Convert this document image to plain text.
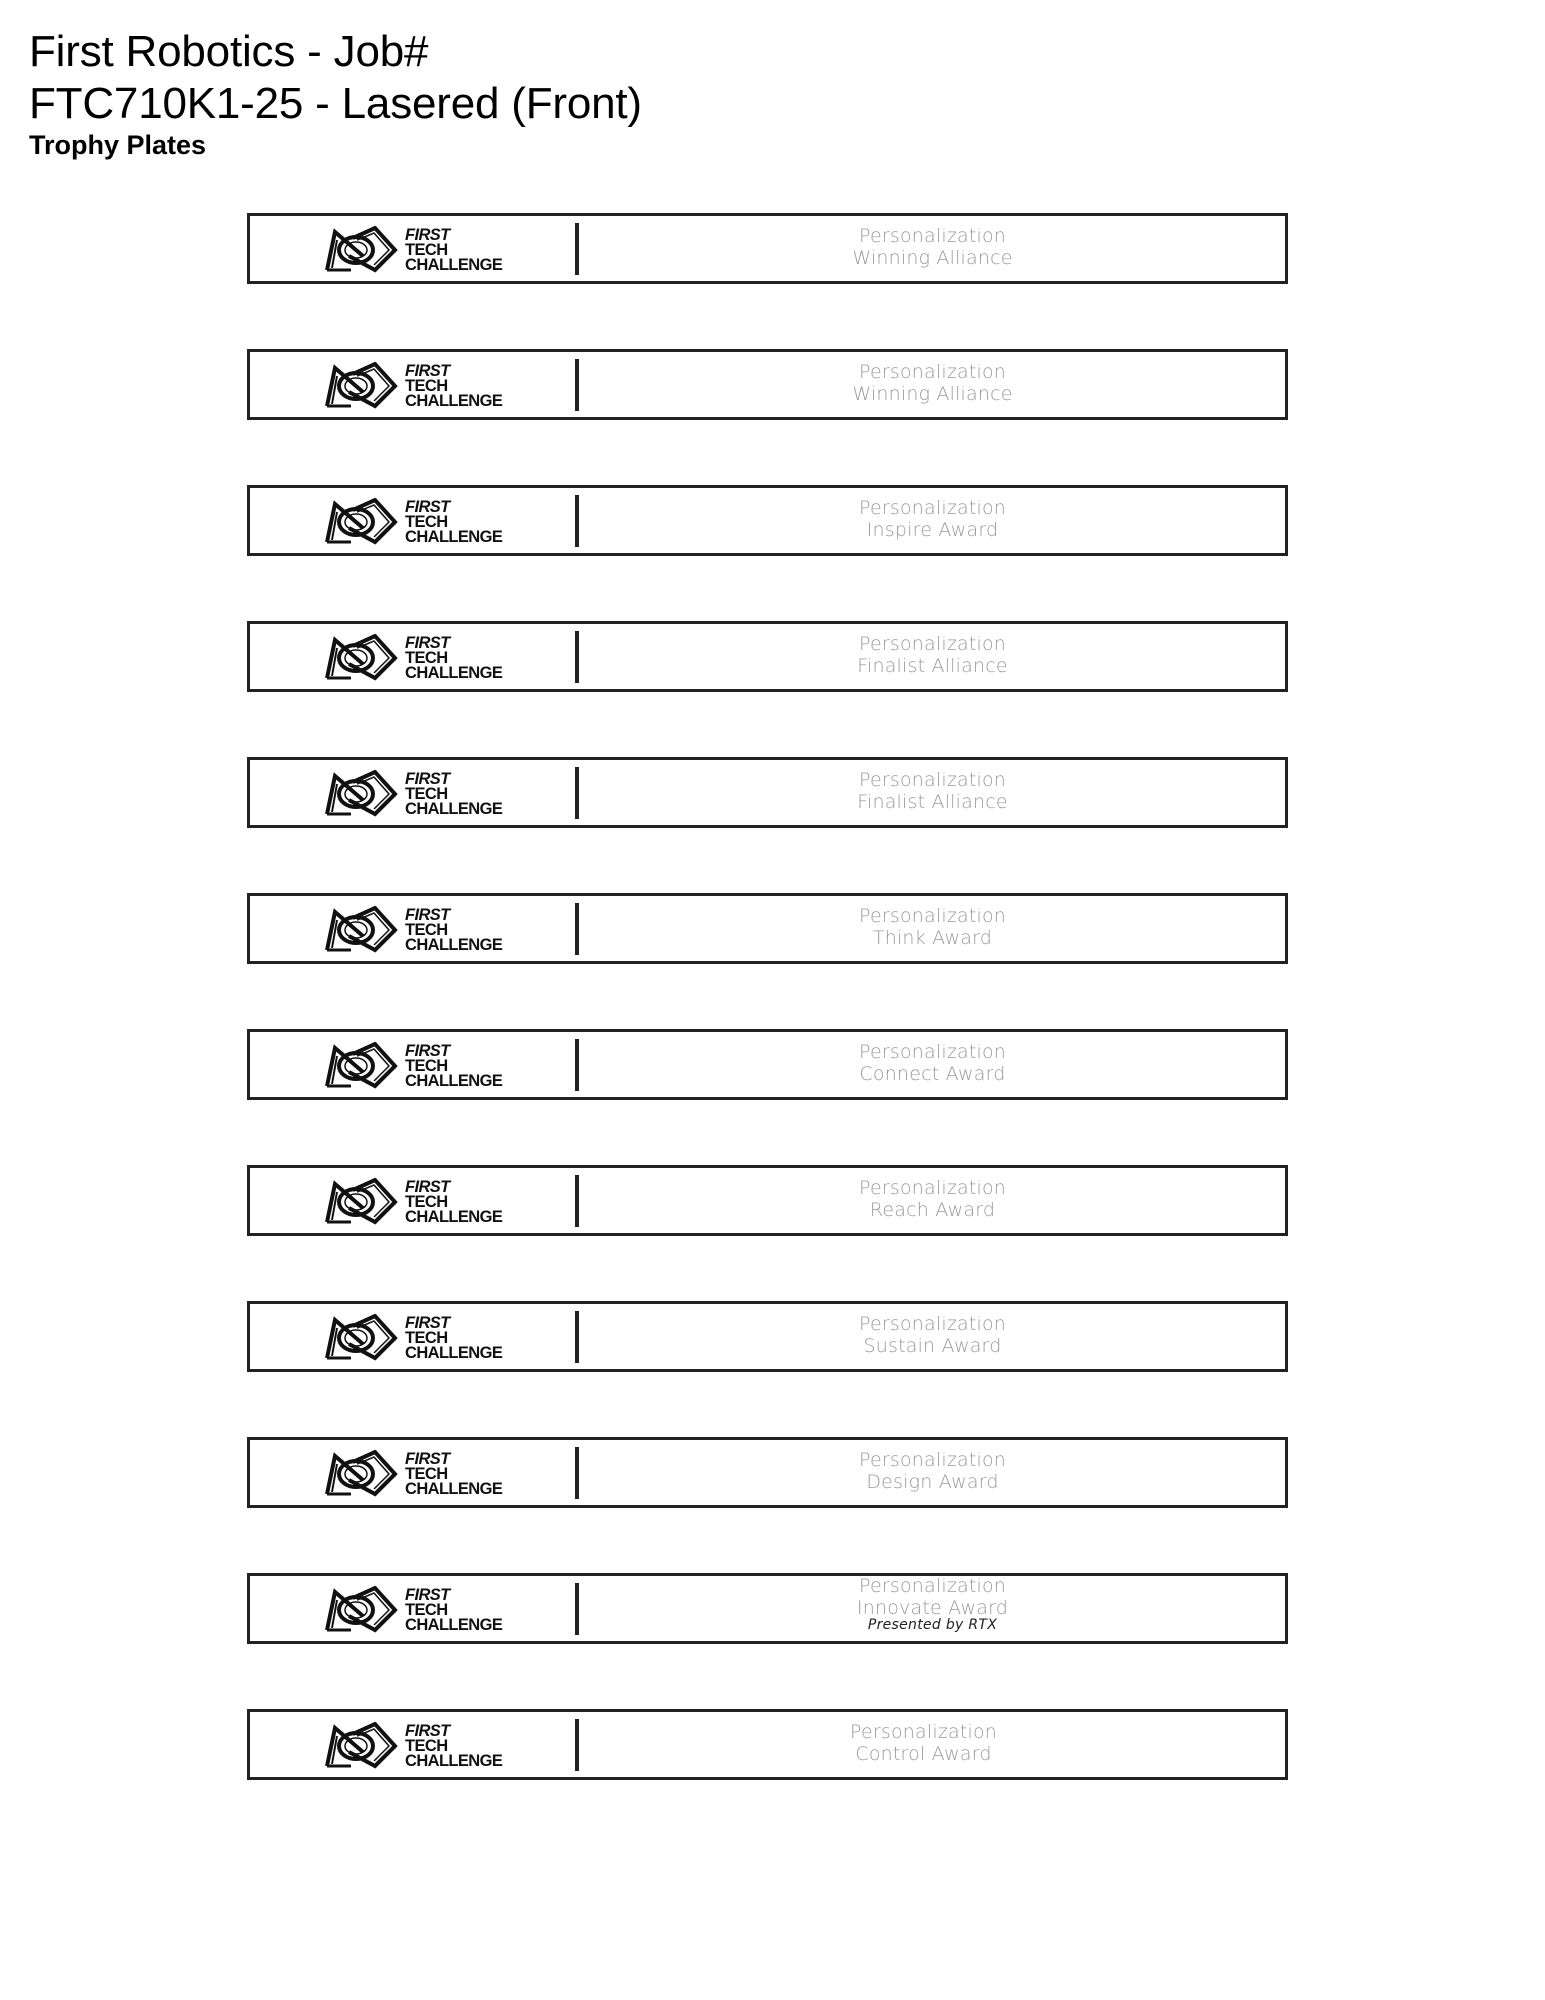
First Robotics - Job#

FTC710K1-25 - Lasered (Front)

Trophy Plates

FIRST
TECH
CHALLENGE
Personalization
Winning Alliance
FIRST
TECH
CHALLENGE
Personalization
Winning Alliance
FIRST
TECH
CHALLENGE
Personalization
Inspire Award
FIRST
TECH
CHALLENGE
Personalization
Finalist Alliance
FIRST
TECH
CHALLENGE
Personalization
Finalist Alliance
FIRST
TECH
CHALLENGE
Personalization
Think Award
FIRST
TECH
CHALLENGE
Personalization
Connect Award
FIRST
TECH
CHALLENGE
Personalization
Reach Award
FIRST
TECH
CHALLENGE
Personalization
Sustain Award
FIRST
TECH
CHALLENGE
Personalization
Design Award
FIRST
TECH
CHALLENGE
Personalization
Innovate Award
Presented by RTX
FIRST
TECH
CHALLENGE
Personalization
Control Award
